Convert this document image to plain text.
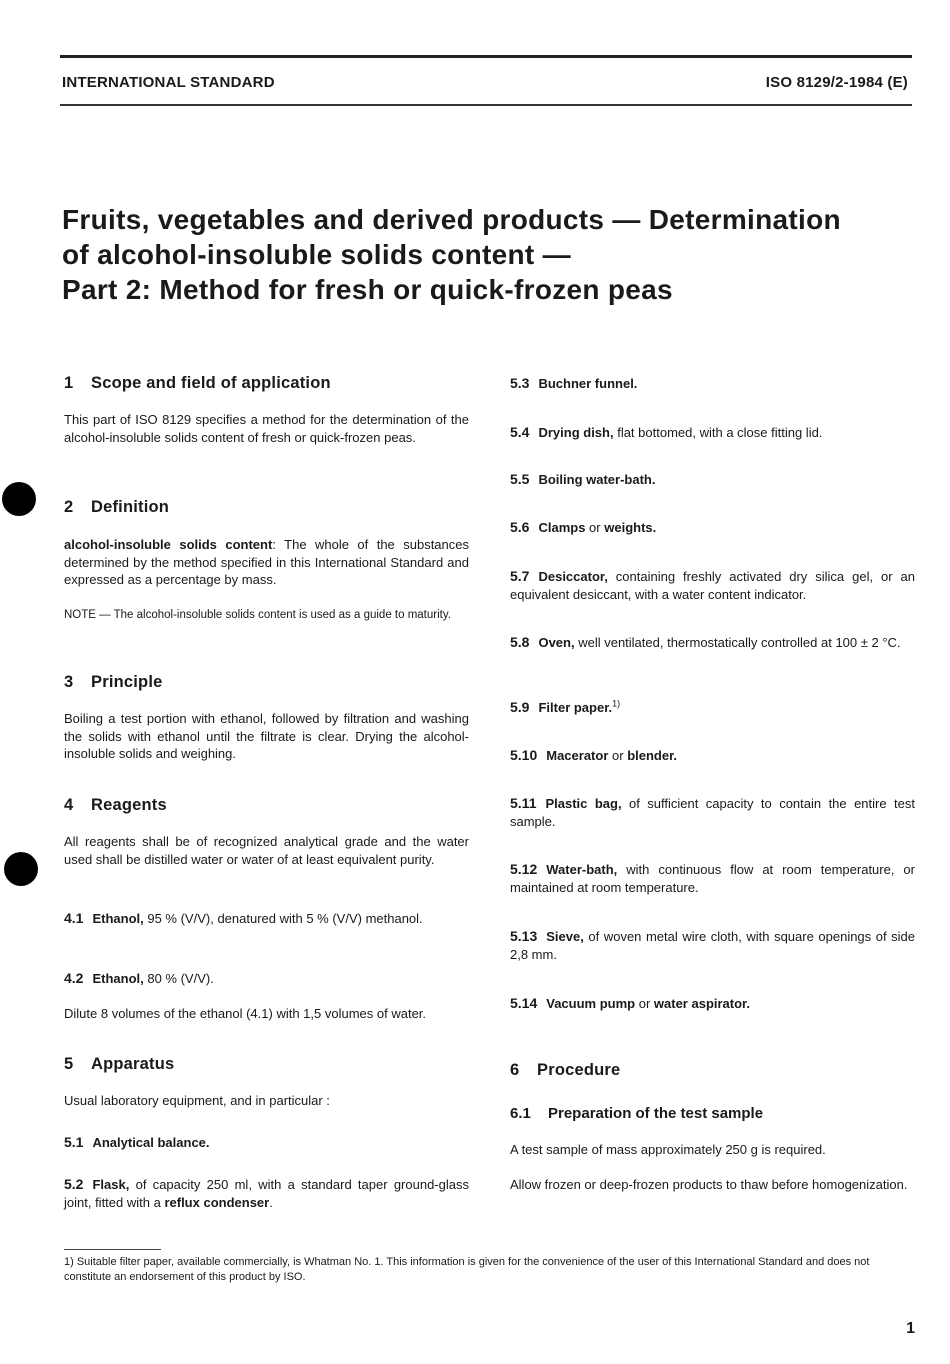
INTERNATIONAL STANDARD	ISO 8129/2-1984 (E)
Fruits, vegetables and derived products — Determination
of alcohol-insoluble solids content —
Part 2: Method for fresh or quick-frozen peas
1 Scope and field of application
This part of ISO 8129 specifies a method for the determination of the alcohol-insoluble solids content of fresh or quick-frozen peas.
2 Definition
alcohol-insoluble solids content: The whole of the substances determined by the method specified in this International Standard and expressed as a percentage by mass.
NOTE — The alcohol-insoluble solids content is used as a guide to maturity.
3 Principle
Boiling a test portion with ethanol, followed by filtration and washing the solids with ethanol until the filtrate is clear. Drying the alcohol-insoluble solids and weighing.
4 Reagents
All reagents shall be of recognized analytical grade and the water used shall be distilled water or water of at least equivalent purity.
4.1 Ethanol, 95 % (V/V), denatured with 5 % (V/V) methanol.
4.2 Ethanol, 80 % (V/V).
Dilute 8 volumes of the ethanol (4.1) with 1,5 volumes of water.
5 Apparatus
Usual laboratory equipment, and in particular :
5.1 Analytical balance.
5.2 Flask, of capacity 250 ml, with a standard taper ground-glass joint, fitted with a reflux condenser.
5.3 Buchner funnel.
5.4 Drying dish, flat bottomed, with a close fitting lid.
5.5 Boiling water-bath.
5.6 Clamps or weights.
5.7 Desiccator, containing freshly activated dry silica gel, or an equivalent desiccant, with a water content indicator.
5.8 Oven, well ventilated, thermostatically controlled at 100 ± 2 °C.
5.9 Filter paper.$^{1)}$
5.10 Macerator or blender.
5.11 Plastic bag, of sufficient capacity to contain the entire test sample.
5.12 Water-bath, with continuous flow at room temperature, or maintained at room temperature.
5.13 Sieve, of woven metal wire cloth, with square openings of side 2,8 mm.
5.14 Vacuum pump or water aspirator.
6 Procedure
6.1 Preparation of the test sample
A test sample of mass approximately 250 g is required.
Allow frozen or deep-frozen products to thaw before homogenization.
1) Suitable filter paper, available commercially, is Whatman No. 1. This information is given for the convenience of the user of this International Standard and does not constitute an endorsement of this product by ISO.
1
